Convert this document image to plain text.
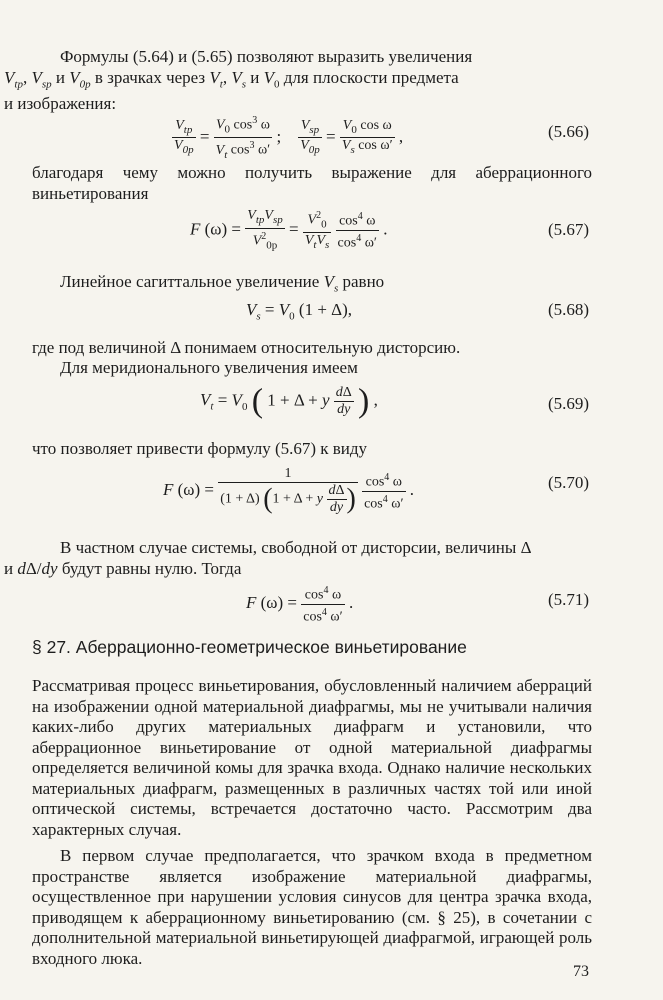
Формулы (5.64) и (5.65) позволяют выразить увеличения
$V_{tp}$, $V_{sp}$ и $V_{0p}$ в зрачках через $V_t$, $V_s$ и $V_0$ для плоскости предмета
и изображения:
$\frac{V_{tp}}{V_{0p}} = \frac{V_0 \cos^3 \omega}{V_t \cos^3 \omega'}$ ; $\frac{V_{sp}}{V_{0p}} = \frac{V_0 \cos \omega}{V_s \cos \omega'}$ ,	(5.66)
благодаря чему можно получить выражение для аберрационного виньетирования
F $(\omega) = \frac{V_{tp}V_{sp}}{V^2_{0p}} = \frac{V^2_0}{V_tV_s}$
$\frac{\cos^4 \omega}{\cos^4 \omega'}$ .	(5.67)
Линейное сагиттальное увеличение $V_s$ равно
$V_s = V_0$ (1 + Δ),	(5.68)
где под величиной Δ понимаем относительную дисторсию.
Для меридионального увеличения имеем
$V_t = V_0$ ( 1 + Δ + y $\frac{d\Delta}{dy}$ ) ,	(5.69)
что позволяет привести формулу (5.67) к виду
F $(\omega) = \frac{1}{(1 + \Delta) (1 + \Delta + y \frac{d\Delta}{dy} )}$
$\frac{\cos^4 \omega}{\cos^4 \omega'}$ .	(5.70)
В частном случае системы, свободной от дисторсии, величины Δ
и dΔ/dy будут равны нулю. Тогда
F $(\omega) = \frac{\cos^4 \omega}{\cos^4 \omega'}$ .	(5.71)
§ 27. Аберрационно-геометрическое виньетирование
Рассматривая процесс виньетирования, обусловленный наличием аберраций на изображении одной материальной диафрагмы, мы не учитывали наличия каких-либо других материальных диафрагм и установили, что аберрационное виньетирование от одной материальной диафрагмы определяется величиной комы для зрачка входа. Однако наличие нескольких материальных диафрагм, размещенных в различных частях той или иной оптической системы, встречается достаточно часто. Рассмотрим два характерных случая.
В первом случае предполагается, что зрачком входа в предметном пространстве является изображение материальной диафрагмы, осуществленное при нарушении условия синусов для центра зрачка входа, приводящем к аберрационному виньетированию (см. § 25), в сочетании с дополнительной материальной виньетирующей диафрагмой, играющей роль входного люка.
73
